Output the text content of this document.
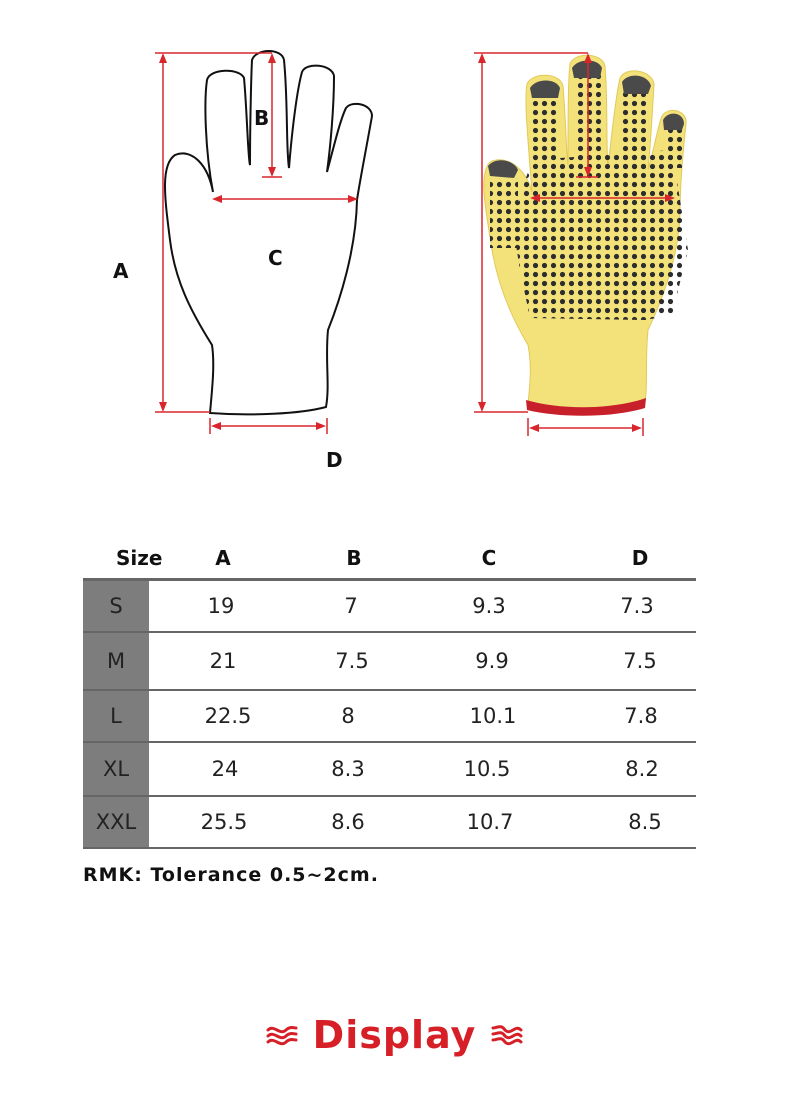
A
B
C
D
Size	A	B	C	D
S	19	7	9.3	7.3
M	21	7.5	9.9	7.5
L	22.5	8	10.1	7.8
XL	24	8.3	10.5	8.2
XXL	25.5	8.6	10.7	8.5
RMK: Tolerance 0.5~2cm.
Display
